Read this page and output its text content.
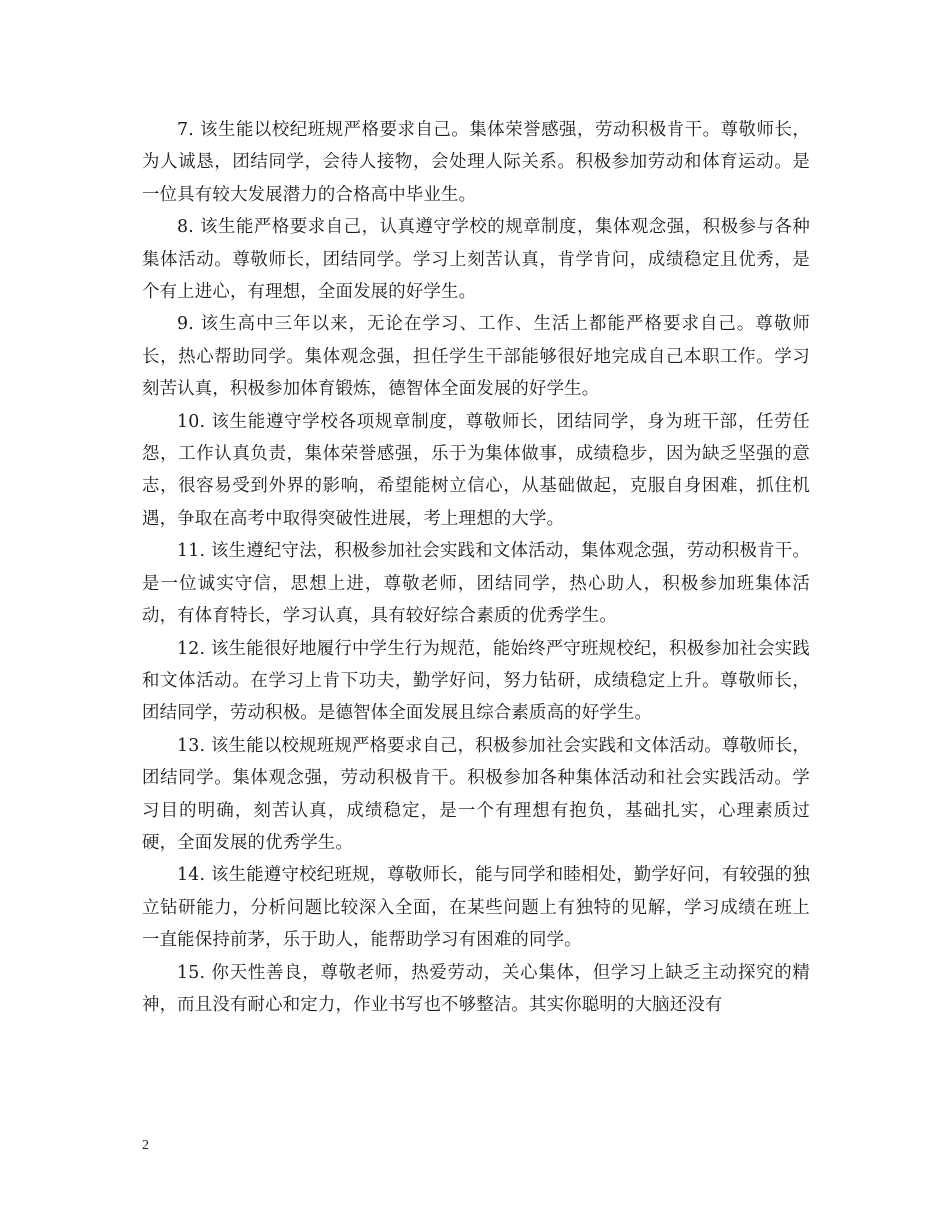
7. 该生能以校纪班规严格要求自己。集体荣誉感强，劳动积极肯干。尊敬师长，为人诚恳，团结同学，会待人接物，会处理人际关系。积极参加劳动和体育运动。是一位具有较大发展潜力的合格高中毕业生。

8. 该生能严格要求自己，认真遵守学校的规章制度，集体观念强，积极参与各种集体活动。尊敬师长，团结同学。学习上刻苦认真，肯学肯问，成绩稳定且优秀，是个有上进心，有理想，全面发展的好学生。

9. 该生高中三年以来，无论在学习、工作、生活上都能严格要求自己。尊敬师长，热心帮助同学。集体观念强，担任学生干部能够很好地完成自己本职工作。学习刻苦认真，积极参加体育锻炼，德智体全面发展的好学生。

10. 该生能遵守学校各项规章制度，尊敬师长，团结同学，身为班干部，任劳任怨，工作认真负责，集体荣誉感强，乐于为集体做事，成绩稳步，因为缺乏坚强的意志，很容易受到外界的影响，希望能树立信心，从基础做起，克服自身困难，抓住机遇，争取在高考中取得突破性进展，考上理想的大学。

11. 该生遵纪守法，积极参加社会实践和文体活动，集体观念强，劳动积极肯干。是一位诚实守信，思想上进，尊敬老师，团结同学，热心助人，积极参加班集体活动，有体育特长，学习认真，具有较好综合素质的优秀学生。

12. 该生能很好地履行中学生行为规范，能始终严守班规校纪，积极参加社会实践和文体活动。在学习上肯下功夫，勤学好问，努力钻研，成绩稳定上升。尊敬师长，团结同学，劳动积极。是德智体全面发展且综合素质高的好学生。

13. 该生能以校规班规严格要求自己，积极参加社会实践和文体活动。尊敬师长，团结同学。集体观念强，劳动积极肯干。积极参加各种集体活动和社会实践活动。学习目的明确，刻苦认真，成绩稳定，是一个有理想有抱负，基础扎实，心理素质过硬，全面发展的优秀学生。

14. 该生能遵守校纪班规，尊敬师长，能与同学和睦相处，勤学好问，有较强的独立钻研能力，分析问题比较深入全面，在某些问题上有独特的见解，学习成绩在班上一直能保持前茅，乐于助人，能帮助学习有困难的同学。

15. 你天性善良，尊敬老师，热爱劳动，关心集体，但学习上缺乏主动探究的精神，而且没有耐心和定力，作业书写也不够整洁。其实你聪明的大脑还没有

2
